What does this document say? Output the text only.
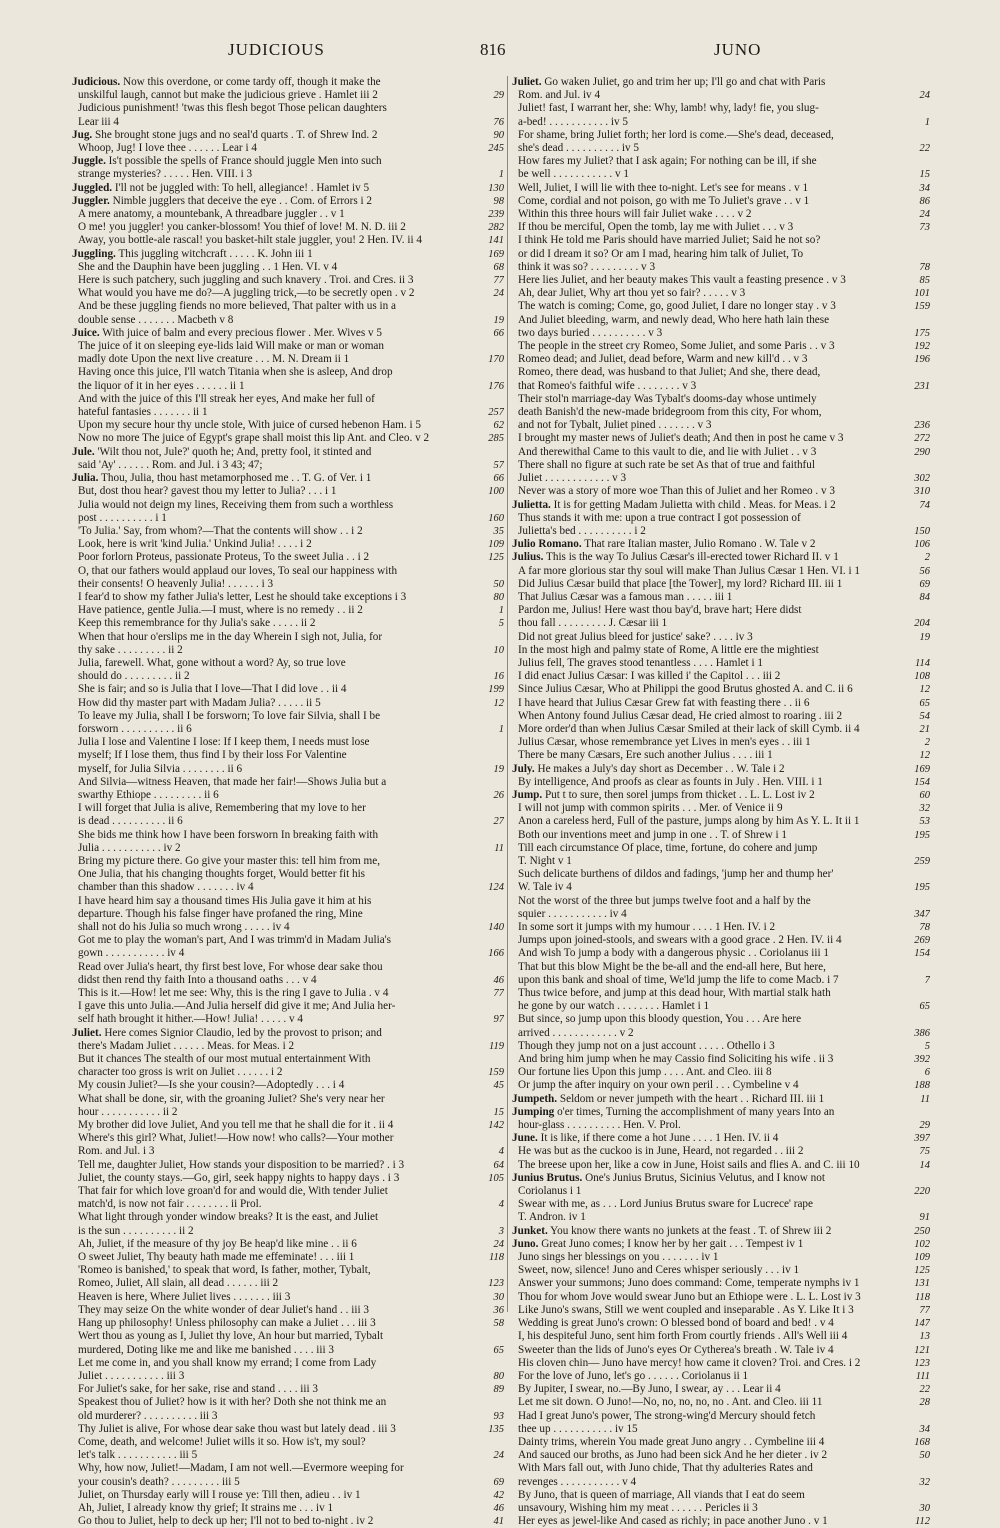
JUDICIOUS	816	JUNO
Judicious. Now this overdone, or come tardy off, though it make the
unskilful laugh, cannot but make the judicious grieve . Hamlet iii 2	29
Judicious punishment! 'twas this flesh begot Those pelican daughters
Lear iii 4	76
Jug. She brought stone jugs and no seal'd quarts . T. of Shrew Ind. 2	90
Whoop, Jug! I love thee . . . . . . Lear i 4	245
Juggle. Is't possible the spells of France should juggle Men into such
strange mysteries? . . . . . Hen. VIII. i 3	1
Juggled. I'll not be juggled with: To hell, allegiance! . Hamlet iv 5	130
Juggler. Nimble jugglers that deceive the eye . . Com. of Errors i 2	98
A mere anatomy, a mountebank, A threadbare juggler . . v 1	239
O me! you juggler! you canker-blossom! You thief of love! M. N. D. iii 2	282
Away, you bottle-ale rascal! you basket-hilt stale juggler, you! 2 Hen. IV. ii 4	141
Juggling. This juggling witchcraft . . . . . K. John iii 1	169
She and the Dauphin have been juggling . . 1 Hen. VI. v 4	68
Here is such patchery, such juggling and such knavery . Troi. and Cres. ii 3	77
What would you have me do?—A juggling trick,—to be secretly open . v 2	24
And be these juggling fiends no more believed, That palter with us in a
double sense . . . . . . . Macbeth v 8	19
Juice. With juice of balm and every precious flower . Mer. Wives v 5	66
The juice of it on sleeping eye-lids laid Will make or man or woman
madly dote Upon the next live creature . . . M. N. Dream ii 1	170
Having once this juice, I'll watch Titania when she is asleep, And drop
the liquor of it in her eyes . . . . . . ii 1	176
And with the juice of this I'll streak her eyes, And make her full of
hateful fantasies . . . . . . . ii 1	257
Upon my secure hour thy uncle stole, With juice of cursed hebenon Ham. i 5	62
Now no more The juice of Egypt's grape shall moist this lip Ant. and Cleo. v 2	285
Jule. 'Wilt thou not, Jule?' quoth he; And, pretty fool, it stinted and
said 'Ay' . . . . . . Rom. and Jul. i 3 43; 47;	57
Julia. Thou, Julia, thou hast metamorphosed me . . T. G. of Ver. i 1	66
But, dost thou hear? gavest thou my letter to Julia? . . . i 1	100
Julia would not deign my lines, Receiving them from such a worthless
post . . . . . . . . . . i 1	160
'To Julia.' Say, from whom?—That the contents will show . . i 2	35
Look, here is writ 'kind Julia.' Unkind Julia! . . . . i 2	109
Poor forlorn Proteus, passionate Proteus, To the sweet Julia . . i 2	125
O, that our fathers would applaud our loves, To seal our happiness with
their consents! O heavenly Julia! . . . . . . i 3	50
I fear'd to show my father Julia's letter, Lest he should take exceptions i 3	80
Have patience, gentle Julia.—I must, where is no remedy . . ii 2	1
Keep this remembrance for thy Julia's sake . . . . . ii 2	5
When that hour o'erslips me in the day Wherein I sigh not, Julia, for
thy sake . . . . . . . . . ii 2	10
Julia, farewell. What, gone without a word? Ay, so true love
should do . . . . . . . . . ii 2	16
She is fair; and so is Julia that I love—That I did love . . ii 4	199
How did thy master part with Madam Julia? . . . . . ii 5	12
To leave my Julia, shall I be forsworn; To love fair Silvia, shall I be
forsworn . . . . . . . . . . ii 6	1
Julia I lose and Valentine I lose: If I keep them, I needs must lose
myself; If I lose them, thus find I by their loss For Valentine
myself, for Julia Silvia . . . . . . . . ii 6	19
And Silvia—witness Heaven, that made her fair!—Shows Julia but a
swarthy Ethiope . . . . . . . . . ii 6	26
I will forget that Julia is alive, Remembering that my love to her
is dead . . . . . . . . . . ii 6	27
She bids me think how I have been forsworn In breaking faith with
Julia . . . . . . . . . . . iv 2	11
Bring my picture there. Go give your master this: tell him from me,
One Julia, that his changing thoughts forget, Would better fit his
chamber than this shadow . . . . . . . iv 4	124
I have heard him say a thousand times His Julia gave it him at his
departure. Though his false finger have profaned the ring, Mine
shall not do his Julia so much wrong . . . . . iv 4	140
Got me to play the woman's part, And I was trimm'd in Madam Julia's
gown . . . . . . . . . . . iv 4	166
Read over Julia's heart, thy first best love, For whose dear sake thou
didst then rend thy faith Into a thousand oaths . . . v 4	46
This is it.—How! let me see: Why, this is the ring I gave to Julia . v 4	77
I gave this unto Julia.—And Julia herself did give it me; And Julia her-
self hath brought it hither.—How! Julia! . . . . . v 4	97
Juliet. Here comes Signior Claudio, led by the provost to prison; and
there's Madam Juliet . . . . . . Meas. for Meas. i 2	119
But it chances The stealth of our most mutual entertainment With
character too gross is writ on Juliet . . . . . . i 2	159
My cousin Juliet?—Is she your cousin?—Adoptedly . . . i 4	45
What shall be done, sir, with the groaning Juliet? She's very near her
hour . . . . . . . . . . . ii 2	15
My brother did love Juliet, And you tell me that he shall die for it . ii 4	142
Where's this girl? What, Juliet!—How now! who calls?—Your mother
Rom. and Jul. i 3	4
Tell me, daughter Juliet, How stands your disposition to be married? . i 3	64
Juliet, the county stays.—Go, girl, seek happy nights to happy days . i 3	105
That fair for which love groan'd for and would die, With tender Juliet
match'd, is now not fair . . . . . . . . ii Prol.	4
What light through yonder window breaks? It is the east, and Juliet
is the sun . . . . . . . . . . ii 2	3
Ah, Juliet, if the measure of thy joy Be heap'd like mine . . ii 6	24
O sweet Juliet, Thy beauty hath made me effeminate! . . . iii 1	118
'Romeo is banished,' to speak that word, Is father, mother, Tybalt,
Romeo, Juliet, All slain, all dead . . . . . . iii 2	123
Heaven is here, Where Juliet lives . . . . . . . iii 3	30
They may seize On the white wonder of dear Juliet's hand . . iii 3	36
Hang up philosophy! Unless philosophy can make a Juliet . . . iii 3	58
Wert thou as young as I, Juliet thy love, An hour but married, Tybalt
murdered, Doting like me and like me banished . . . . iii 3	65
Let me come in, and you shall know my errand; I come from Lady
Juliet . . . . . . . . . . . iii 3	80
For Juliet's sake, for her sake, rise and stand . . . . iii 3	89
Speakest thou of Juliet? how is it with her? Doth she not think me an
old murderer? . . . . . . . . . . iii 3	93
Thy Juliet is alive, For whose dear sake thou wast but lately dead . iii 3	135
Come, death, and welcome! Juliet wills it so. How is't, my soul?
let's talk . . . . . . . . . . . iii 5	24
Why, how now, Juliet!—Madam, I am not well.—Evermore weeping for
your cousin's death? . . . . . . . . . iii 5	69
Juliet, on Thursday early will I rouse ye: Till then, adieu . . iv 1	42
Ah, Juliet, I already know thy grief; It strains me . . . iv 1	46
Go thou to Juliet, help to deck up her; I'll not to bed to-night . iv 2	41
Juliet. Go waken Juliet, go and trim her up; I'll go and chat with Paris
Rom. and Jul. iv 4	24
Juliet! fast, I warrant her, she: Why, lamb! why, lady! fie, you slug-
a-bed! . . . . . . . . . . . iv 5	1
For shame, bring Juliet forth; her lord is come.—She's dead, deceased,
she's dead . . . . . . . . . . iv 5	22
How fares my Juliet? that I ask again; For nothing can be ill, if she
be well . . . . . . . . . . . v 1	15
Well, Juliet, I will lie with thee to-night. Let's see for means . v 1	34
Come, cordial and not poison, go with me To Juliet's grave . . v 1	86
Within this three hours will fair Juliet wake . . . . v 2	24
If thou be merciful, Open the tomb, lay me with Juliet . . . v 3	73
I think He told me Paris should have married Juliet; Said he not so?
or did I dream it so? Or am I mad, hearing him talk of Juliet, To
think it was so? . . . . . . . . . v 3	78
Here lies Juliet, and her beauty makes This vault a feasting presence . v 3	85
Ah, dear Juliet, Why art thou yet so fair? . . . . . v 3	101
The watch is coming; Come, go, good Juliet, I dare no longer stay . v 3	159
And Juliet bleeding, warm, and newly dead, Who here hath lain these
two days buried . . . . . . . . . . v 3	175
The people in the street cry Romeo, Some Juliet, and some Paris . . v 3	192
Romeo dead; and Juliet, dead before, Warm and new kill'd . . v 3	196
Romeo, there dead, was husband to that Juliet; And she, there dead,
that Romeo's faithful wife . . . . . . . . v 3	231
Their stol'n marriage-day Was Tybalt's dooms-day whose untimely
death Banish'd the new-made bridegroom from this city, For whom,
and not for Tybalt, Juliet pined . . . . . . . v 3	236
I brought my master news of Juliet's death; And then in post he came v 3	272
And therewithal Came to this vault to die, and lie with Juliet . . v 3	290
There shall no figure at such rate be set As that of true and faithful
Juliet . . . . . . . . . . . . v 3	302
Never was a story of more woe Than this of Juliet and her Romeo . v 3	310
Julietta. It is for getting Madam Julietta with child . Meas. for Meas. i 2	74
Thus stands it with me: upon a true contract I got possession of
Julietta's bed . . . . . . . . . . i 2	150
Julio Romano. That rare Italian master, Julio Romano . W. Tale v 2	106
Julius. This is the way To Julius Cæsar's ill-erected tower Richard II. v 1	2
A far more glorious star thy soul will make Than Julius Cæsar 1 Hen. VI. i 1	56
Did Julius Cæsar build that place [the Tower], my lord? Richard III. iii 1	69
That Julius Cæsar was a famous man . . . . . iii 1	84
Pardon me, Julius! Here wast thou bay'd, brave hart; Here didst
thou fall . . . . . . . . . J. Cæsar iii 1	204
Did not great Julius bleed for justice' sake? . . . . iv 3	19
In the most high and palmy state of Rome, A little ere the mightiest
Julius fell, The graves stood tenantless . . . . Hamlet i 1	114
I did enact Julius Cæsar: I was killed i' the Capitol . . . iii 2	108
Since Julius Cæsar, Who at Philippi the good Brutus ghosted A. and C. ii 6	12
I have heard that Julius Cæsar Grew fat with feasting there . . ii 6	65
When Antony found Julius Cæsar dead, He cried almost to roaring . iii 2	54
More order'd than when Julius Cæsar Smiled at their lack of skill Cymb. ii 4	21
Julius Cæsar, whose remembrance yet Lives in men's eyes . . iii 1	2
There be many Cæsars, Ere such another Julius . . . . iii 1	12
July. He makes a July's day short as December . . W. Tale i 2	169
By intelligence, And proofs as clear as founts in July . Hen. VIII. i 1	154
Jump. Put t to sure, then sorel jumps from thicket . . L. L. Lost iv 2	60
I will not jump with common spirits . . . Mer. of Venice ii 9	32
Anon a careless herd, Full of the pasture, jumps along by him As Y. L. It ii 1	53
Both our inventions meet and jump in one . . T. of Shrew i 1	195
Till each circumstance Of place, time, fortune, do cohere and jump
T. Night v 1	259
Such delicate burthens of dildos and fadings, 'jump her and thump her'
W. Tale iv 4	195
Not the worst of the three but jumps twelve foot and a half by the
squier . . . . . . . . . . . iv 4	347
In some sort it jumps with my humour . . . . 1 Hen. IV. i 2	78
Jumps upon joined-stools, and swears with a good grace . 2 Hen. IV. ii 4	269
And wish To jump a body with a dangerous physic . . Coriolanus iii 1	154
That but this blow Might be the be-all and the end-all here, But here,
upon this bank and shoal of time, We'ld jump the life to come Macb. i 7	7
Thus twice before, and jump at this dead hour, With martial stalk hath
he gone by our watch . . . . . . . . Hamlet i 1	65
But since, so jump upon this bloody question, You . . . Are here
arrived . . . . . . . . . . . . v 2	386
Though they jump not on a just account . . . . . Othello i 3	5
And bring him jump when he may Cassio find Soliciting his wife . ii 3	392
Our fortune lies Upon this jump . . . . Ant. and Cleo. iii 8	6
Or jump the after inquiry on your own peril . . . Cymbeline v 4	188
Jumpeth. Seldom or never jumpeth with the heart . . Richard III. iii 1	11
Jumping o'er times, Turning the accomplishment of many years Into an
hour-glass . . . . . . . . . . Hen. V. Prol.	29
June. It is like, if there come a hot June . . . . 1 Hen. IV. ii 4	397
He was but as the cuckoo is in June, Heard, not regarded . . iii 2	75
The breese upon her, like a cow in June, Hoist sails and flies A. and C. iii 10	14
Junius Brutus. One's Junius Brutus, Sicinius Velutus, and I know not
Coriolanus i 1	220
Swear with me, as . . . Lord Junius Brutus sware for Lucrece' rape
T. Andron. iv 1	91
Junket. You know there wants no junkets at the feast . T. of Shrew iii 2	250
Juno. Great Juno comes; I know her by her gait . . . Tempest iv 1	102
Juno sings her blessings on you . . . . . . . iv 1	109
Sweet, now, silence! Juno and Ceres whisper seriously . . . iv 1	125
Answer your summons; Juno does command: Come, temperate nymphs iv 1	131
Thou for whom Jove would swear Juno but an Ethiope were . L. L. Lost iv 3	118
Like Juno's swans, Still we went coupled and inseparable . As Y. Like It i 3	77
Wedding is great Juno's crown: O blessed bond of board and bed! . v 4	147
I, his despiteful Juno, sent him forth From courtly friends . All's Well iii 4	13
Sweeter than the lids of Juno's eyes Or Cytherea's breath . W. Tale iv 4	121
His cloven chin— Juno have mercy! how came it cloven? Troi. and Cres. i 2	123
For the love of Juno, let's go . . . . . . Coriolanus ii 1	111
By Jupiter, I swear, no.—By Juno, I swear, ay . . . Lear ii 4	22
Let me sit down. O Juno!—No, no, no, no, no . Ant. and Cleo. iii 11	28
Had I great Juno's power, The strong-wing'd Mercury should fetch
thee up . . . . . . . . . . . iv 15	34
Dainty trims, wherein You made great Juno angry . . Cymbeline iii 4	168
And sauced our broths, as Juno had been sick And he her dieter . iv 2	50
With Mars fall out, with Juno chide, That thy adulteries Rates and
revenges . . . . . . . . . . . v 4	32
By Juno, that is queen of marriage, All viands that I eat do seem
unsavoury, Wishing him my meat . . . . . . Pericles ii 3	30
Her eyes as jewel-like And cased as richly; in pace another Juno . v 1	112
